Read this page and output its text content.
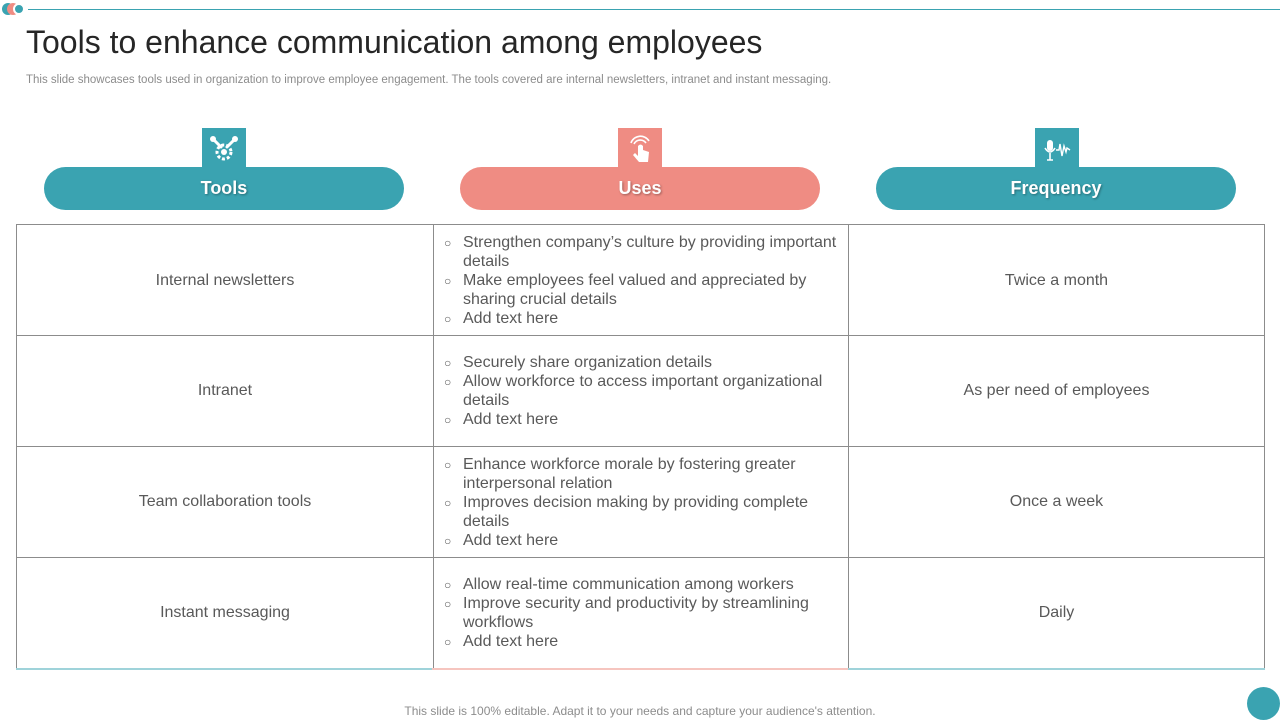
Tools to enhance communication among employees
This slide showcases tools used in organization to improve employee engagement. The tools covered are internal newsletters, intranet and instant messaging.
Tools	Uses	Frequency
Internal newsletters
○ Strengthen company’s culture by providing important details
○ Make employees feel valued and appreciated by sharing crucial details
○ Add text here
Twice a month
Intranet
○ Securely share organization details
○ Allow workforce to access important organizational details
○ Add text here
As per need of employees
Team collaboration tools
○ Enhance workforce morale by fostering greater interpersonal relation
○ Improves decision making by providing complete details
○ Add text here
Once a week
Instant messaging
○ Allow real-time communication among workers
○ Improve security and productivity by streamlining workflows
○ Add text here
Daily
This slide is 100% editable. Adapt it to your needs and capture your audience's attention.
